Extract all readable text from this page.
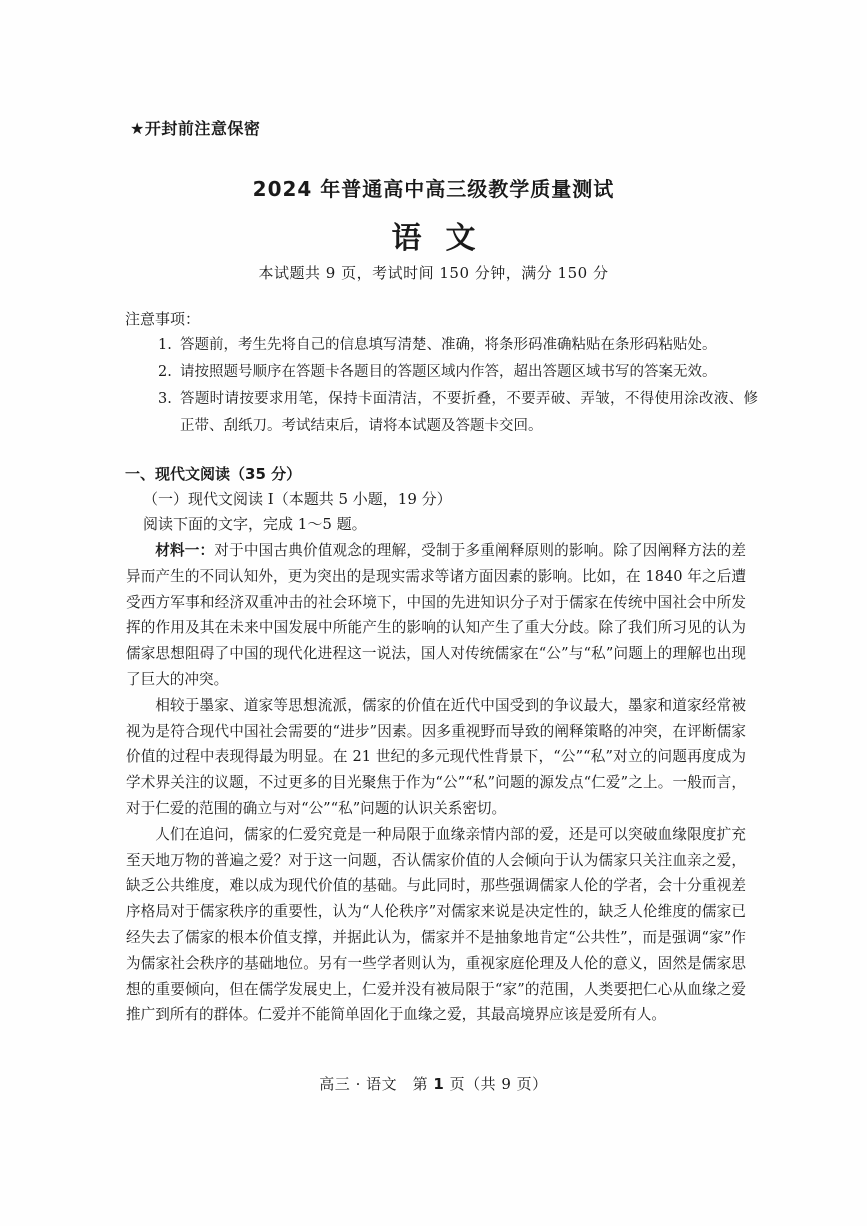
★开封前注意保密
2024 年普通高中高三级教学质量测试
语文
本试题共 9 页，考试时间 150 分钟，满分 150 分
注意事项：
1. 答题前，考生先将自己的信息填写清楚、准确，将条形码准确粘贴在条形码粘贴处。
2. 请按照题号顺序在答题卡各题目的答题区域内作答，超出答题区域书写的答案无效。
3. 答题时请按要求用笔，保持卡面清洁，不要折叠，不要弄破、弄皱，不得使用涂改液、修正带、刮纸刀。考试结束后，请将本试题及答题卡交回。
一、现代文阅读（35 分）
（一）现代文阅读 I（本题共 5 小题，19 分）
阅读下面的文字，完成 1～5 题。

材料一：对于中国古典价值观念的理解，受制于多重阐释原则的影响。除了因阐释方法的差异而产生的不同认知外，更为突出的是现实需求等诸方面因素的影响。比如，在 1840 年之后遭受西方军事和经济双重冲击的社会环境下，中国的先进知识分子对于儒家在传统中国社会中所发挥的作用及其在未来中国发展中所能产生的影响的认知产生了重大分歧。除了我们所习见的认为儒家思想阻碍了中国的现代化进程这一说法，国人对传统儒家在“公”与“私”问题上的理解也出现了巨大的冲突。

相较于墨家、道家等思想流派，儒家的价值在近代中国受到的争议最大，墨家和道家经常被视为是符合现代中国社会需要的“进步”因素。因多重视野而导致的阐释策略的冲突，在评断儒家价值的过程中表现得最为明显。在 21 世纪的多元现代性背景下，“公”“私”对立的问题再度成为学术界关注的议题，不过更多的目光聚焦于作为“公”“私”问题的源发点“仁爱”之上。一般而言，对于仁爱的范围的确立与对“公”“私”问题的认识关系密切。

人们在追问，儒家的仁爱究竟是一种局限于血缘亲情内部的爱，还是可以突破血缘限度扩充至天地万物的普遍之爱？对于这一问题，否认儒家价值的人会倾向于认为儒家只关注血亲之爱，缺乏公共维度，难以成为现代价值的基础。与此同时，那些强调儒家人伦的学者，会十分重视差序格局对于儒家秩序的重要性，认为“人伦秩序”对儒家来说是决定性的，缺乏人伦维度的儒家已经失去了儒家的根本价值支撑，并据此认为，儒家并不是抽象地肯定“公共性”，而是强调“家”作为儒家社会秩序的基础地位。另有一些学者则认为，重视家庭伦理及人伦的意义，固然是儒家思想的重要倾向，但在儒学发展史上，仁爱并没有被局限于“家”的范围，人类要把仁心从血缘之爱推广到所有的群体。仁爱并不能简单固化于血缘之爱，其最高境界应该是爱所有人。

高三 · 语文　第 1 页（共 9 页）
